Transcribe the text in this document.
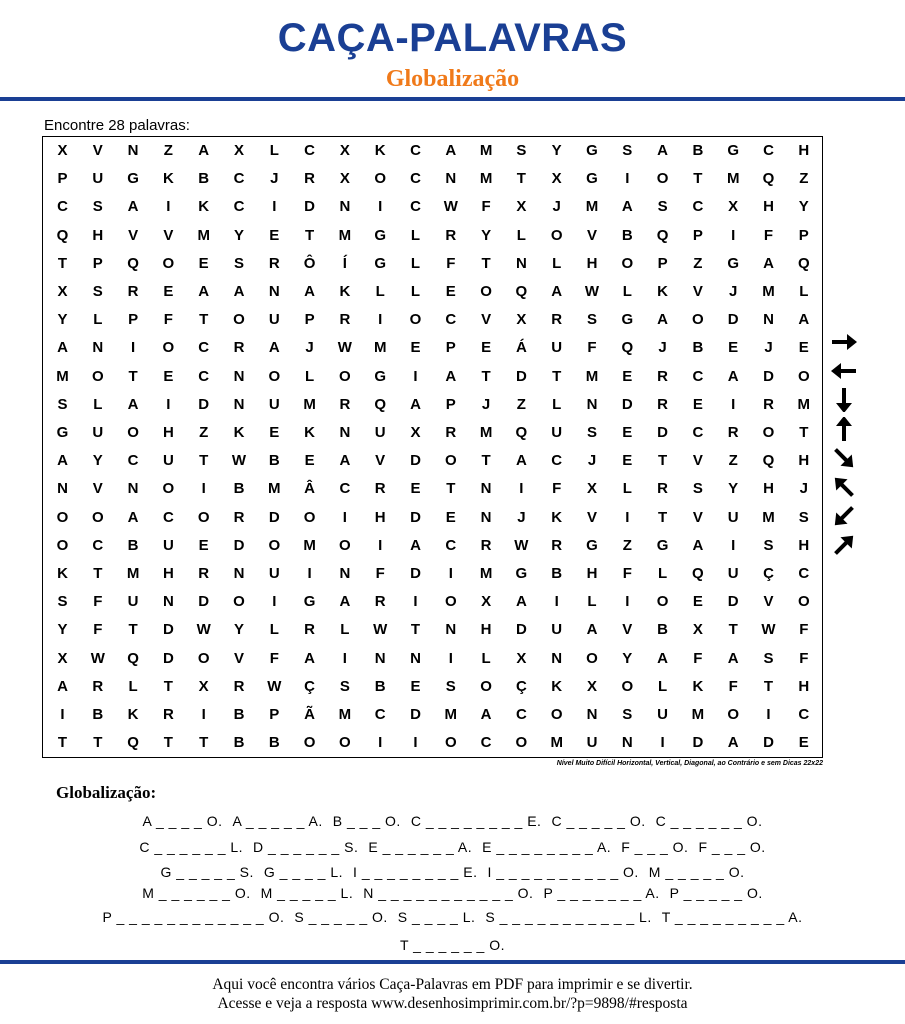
CAÇA-PALAVRAS
Globalização
Encontre 28 palavras:
X	V	N	Z	A	X	L	C	X	K	C	A	M	S	Y	G	S	A	B	G	C	H
P	U	G	K	B	C	J	R	X	O	C	N	M	T	X	G	I	O	T	M	Q	Z
C	S	A	I	K	C	I	D	N	I	C	W	F	X	J	M	A	S	C	X	H	Y
Q	H	V	V	M	Y	E	T	M	G	L	R	Y	L	O	V	B	Q	P	I	F	P
T	P	Q	O	E	S	R	Ô	Í	G	L	F	T	N	L	H	O	P	Z	G	A	Q
X	S	R	E	A	A	N	A	K	L	L	E	O	Q	A	W	L	K	V	J	M	L
Y	L	P	F	T	O	U	P	R	I	O	C	V	X	R	S	G	A	O	D	N	A
A	N	I	O	C	R	A	J	W	M	E	P	E	Á	U	F	Q	J	B	E	J	E
M	O	T	E	C	N	O	L	O	G	I	A	T	D	T	M	E	R	C	A	D	O
S	L	A	I	D	N	U	M	R	Q	A	P	J	Z	L	N	D	R	E	I	R	M
G	U	O	H	Z	K	E	K	N	U	X	R	M	Q	U	S	E	D	C	R	O	T
A	Y	C	U	T	W	B	E	A	V	D	O	T	A	C	J	E	T	V	Z	Q	H
N	V	N	O	I	B	M	Â	C	R	E	T	N	I	F	X	L	R	S	Y	H	J
O	O	A	C	O	R	D	O	I	H	D	E	N	J	K	V	I	T	V	U	M	S
O	C	B	U	E	D	O	M	O	I	A	C	R	W	R	G	Z	G	A	I	S	H
K	T	M	H	R	N	U	I	N	F	D	I	M	G	B	H	F	L	Q	U	Ç	C
S	F	U	N	D	O	I	G	A	R	I	O	X	A	I	L	I	O	E	D	V	O
Y	F	T	D	W	Y	L	R	L	W	T	N	H	D	U	A	V	B	X	T	W	F
X	W	Q	D	O	V	F	A	I	N	N	I	L	X	N	O	Y	A	F	A	S	F
A	R	L	T	X	R	W	Ç	S	B	E	S	O	Ç	K	X	O	L	K	F	T	H
I	B	K	R	I	B	P	Ã	M	C	D	M	A	C	O	N	S	U	M	O	I	C
T	T	Q	T	T	B	B	O	O	I	I	O	C	O	M	U	N	I	D	A	D	E
Nível Muito Difícil Horizontal, Vertical, Diagonal, ao Contrário e sem Dicas 22x22
Globalização:
A _ _ _ _ O. A _ _ _ _ _ A. B _ _ _ O. C _ _ _ _ _ _ _ _ E. C _ _ _ _ _ O. C _ _ _ _ _ _ O.
C _ _ _ _ _ _ L. D _ _ _ _ _ _ S. E _ _ _ _ _ _ A. E _ _ _ _ _ _ _ _ A. F _ _ _ O. F _ _ _ O.
G _ _ _ _ _ S. G _ _ _ _ L. I _ _ _ _ _ _ _ _ E. I _ _ _ _ _ _ _ _ _ _ O. M _ _ _ _ _ O.
M _ _ _ _ _ _ O. M _ _ _ _ _ L. N _ _ _ _ _ _ _ _ _ _ _ O. P _ _ _ _ _ _ _ A. P _ _ _ _ _ O.
P _ _ _ _ _ _ _ _ _ _ _ _ O. S _ _ _ _ _ O. S _ _ _ _ L. S _ _ _ _ _ _ _ _ _ _ _ L. T _ _ _ _ _ _ _ _ _ A.
T _ _ _ _ _ _ O.
Aqui você encontra vários Caça-Palavras em PDF para imprimir e se divertir.
Acesse e veja a resposta www.desenhosimprimir.com.br/?p=9898/#resposta
